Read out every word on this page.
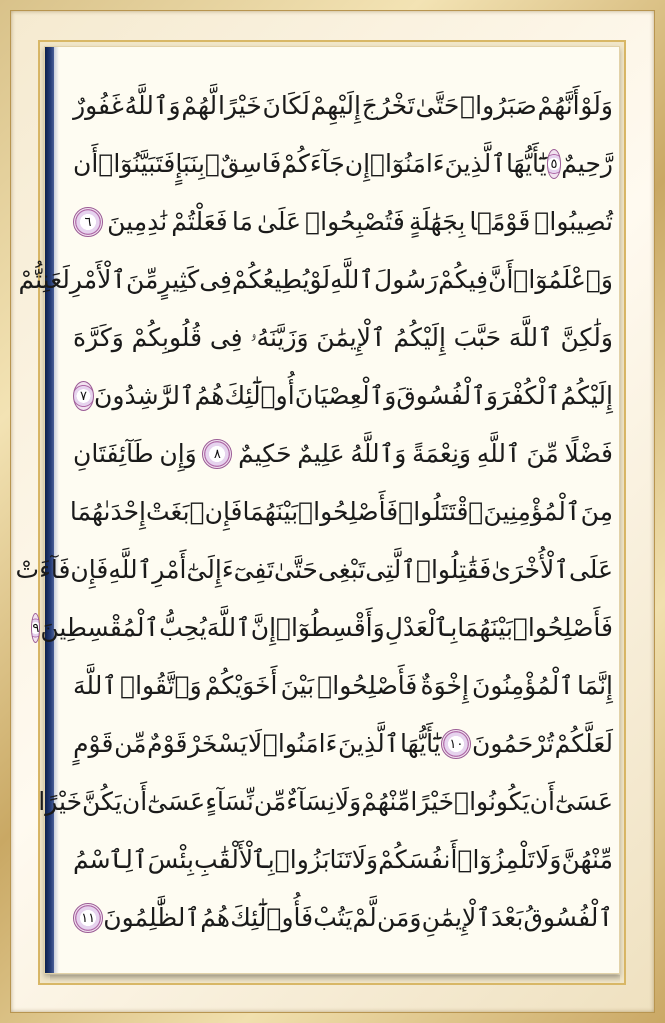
وَلَوْ
أَنَّهُمْ
صَبَرُوا۟
حَتَّىٰ
تَخْرُجَ
إِلَيْهِمْ
لَكَانَ
خَيْرًا
لَّهُمْ
وَٱللَّهُ
غَفُورٌ
رَّحِيمٌ
٥
يَٰٓأَيُّهَا
ٱلَّذِينَ
ءَامَنُوٓا۟
إِن
جَآءَكُمْ
فَاسِقٌۢ
بِنَبَإٍ
فَتَبَيَّنُوٓا۟
أَن
تُصِيبُوا۟
قَوْمًۢا
بِجَهَٰلَةٍ
فَتُصْبِحُوا۟
عَلَىٰ
مَا
فَعَلْتُمْ
نَٰدِمِينَ
٦
وَٱعْلَمُوٓا۟
أَنَّ
فِيكُمْ
رَسُولَ
ٱللَّهِ
لَوْ
يُطِيعُكُمْ
فِى
كَثِيرٍ
مِّنَ
ٱلْأَمْرِ
لَعَنِتُّمْ
وَلَٰكِنَّ
ٱللَّهَ
حَبَّبَ
إِلَيْكُمُ
ٱلْإِيمَٰنَ
وَزَيَّنَهُۥ
فِى
قُلُوبِكُمْ
وَكَرَّهَ
إِلَيْكُمُ
ٱلْكُفْرَ
وَٱلْفُسُوقَ
وَٱلْعِصْيَانَ
أُو۟لَٰٓئِكَ
هُمُ
ٱلرَّٰشِدُونَ
٧
فَضْلًا
مِّنَ
ٱللَّهِ
وَنِعْمَةً
وَٱللَّهُ
عَلِيمٌ
حَكِيمٌ
٨
وَإِن
طَآئِفَتَانِ
مِنَ
ٱلْمُؤْمِنِينَ
ٱقْتَتَلُوا۟
فَأَصْلِحُوا۟
بَيْنَهُمَا
فَإِنۢ
بَغَتْ
إِحْدَىٰهُمَا
عَلَى
ٱلْأُخْرَىٰ
فَقَٰتِلُوا۟
ٱلَّتِى
تَبْغِى
حَتَّىٰ
تَفِىٓءَ
إِلَىٰٓ
أَمْرِ
ٱللَّهِ
فَإِن
فَآءَتْ
فَأَصْلِحُوا۟
بَيْنَهُمَا
بِٱلْعَدْلِ
وَأَقْسِطُوٓا۟
إِنَّ
ٱللَّهَ
يُحِبُّ
ٱلْمُقْسِطِينَ
٩
إِنَّمَا
ٱلْمُؤْمِنُونَ
إِخْوَةٌ
فَأَصْلِحُوا۟
بَيْنَ
أَخَوَيْكُمْ
وَٱتَّقُوا۟
ٱللَّهَ
لَعَلَّكُمْ
تُرْحَمُونَ
١٠
يَٰٓأَيُّهَا
ٱلَّذِينَ
ءَامَنُوا۟
لَا
يَسْخَرْ
قَوْمٌ
مِّن
قَوْمٍ
عَسَىٰٓ
أَن
يَكُونُوا۟
خَيْرًا
مِّنْهُمْ
وَلَا
نِسَآءٌ
مِّن
نِّسَآءٍ
عَسَىٰٓ
أَن
يَكُنَّ
خَيْرًا
مِّنْهُنَّ
وَلَا
تَلْمِزُوٓا۟
أَنفُسَكُمْ
وَلَا
تَنَابَزُوا۟
بِٱلْأَلْقَٰبِ
بِئْسَ
ٱلِٱسْمُ
ٱلْفُسُوقُ
بَعْدَ
ٱلْإِيمَٰنِ
وَمَن
لَّمْ
يَتُبْ
فَأُو۟لَٰٓئِكَ
هُمُ
ٱلظَّٰلِمُونَ
١١
